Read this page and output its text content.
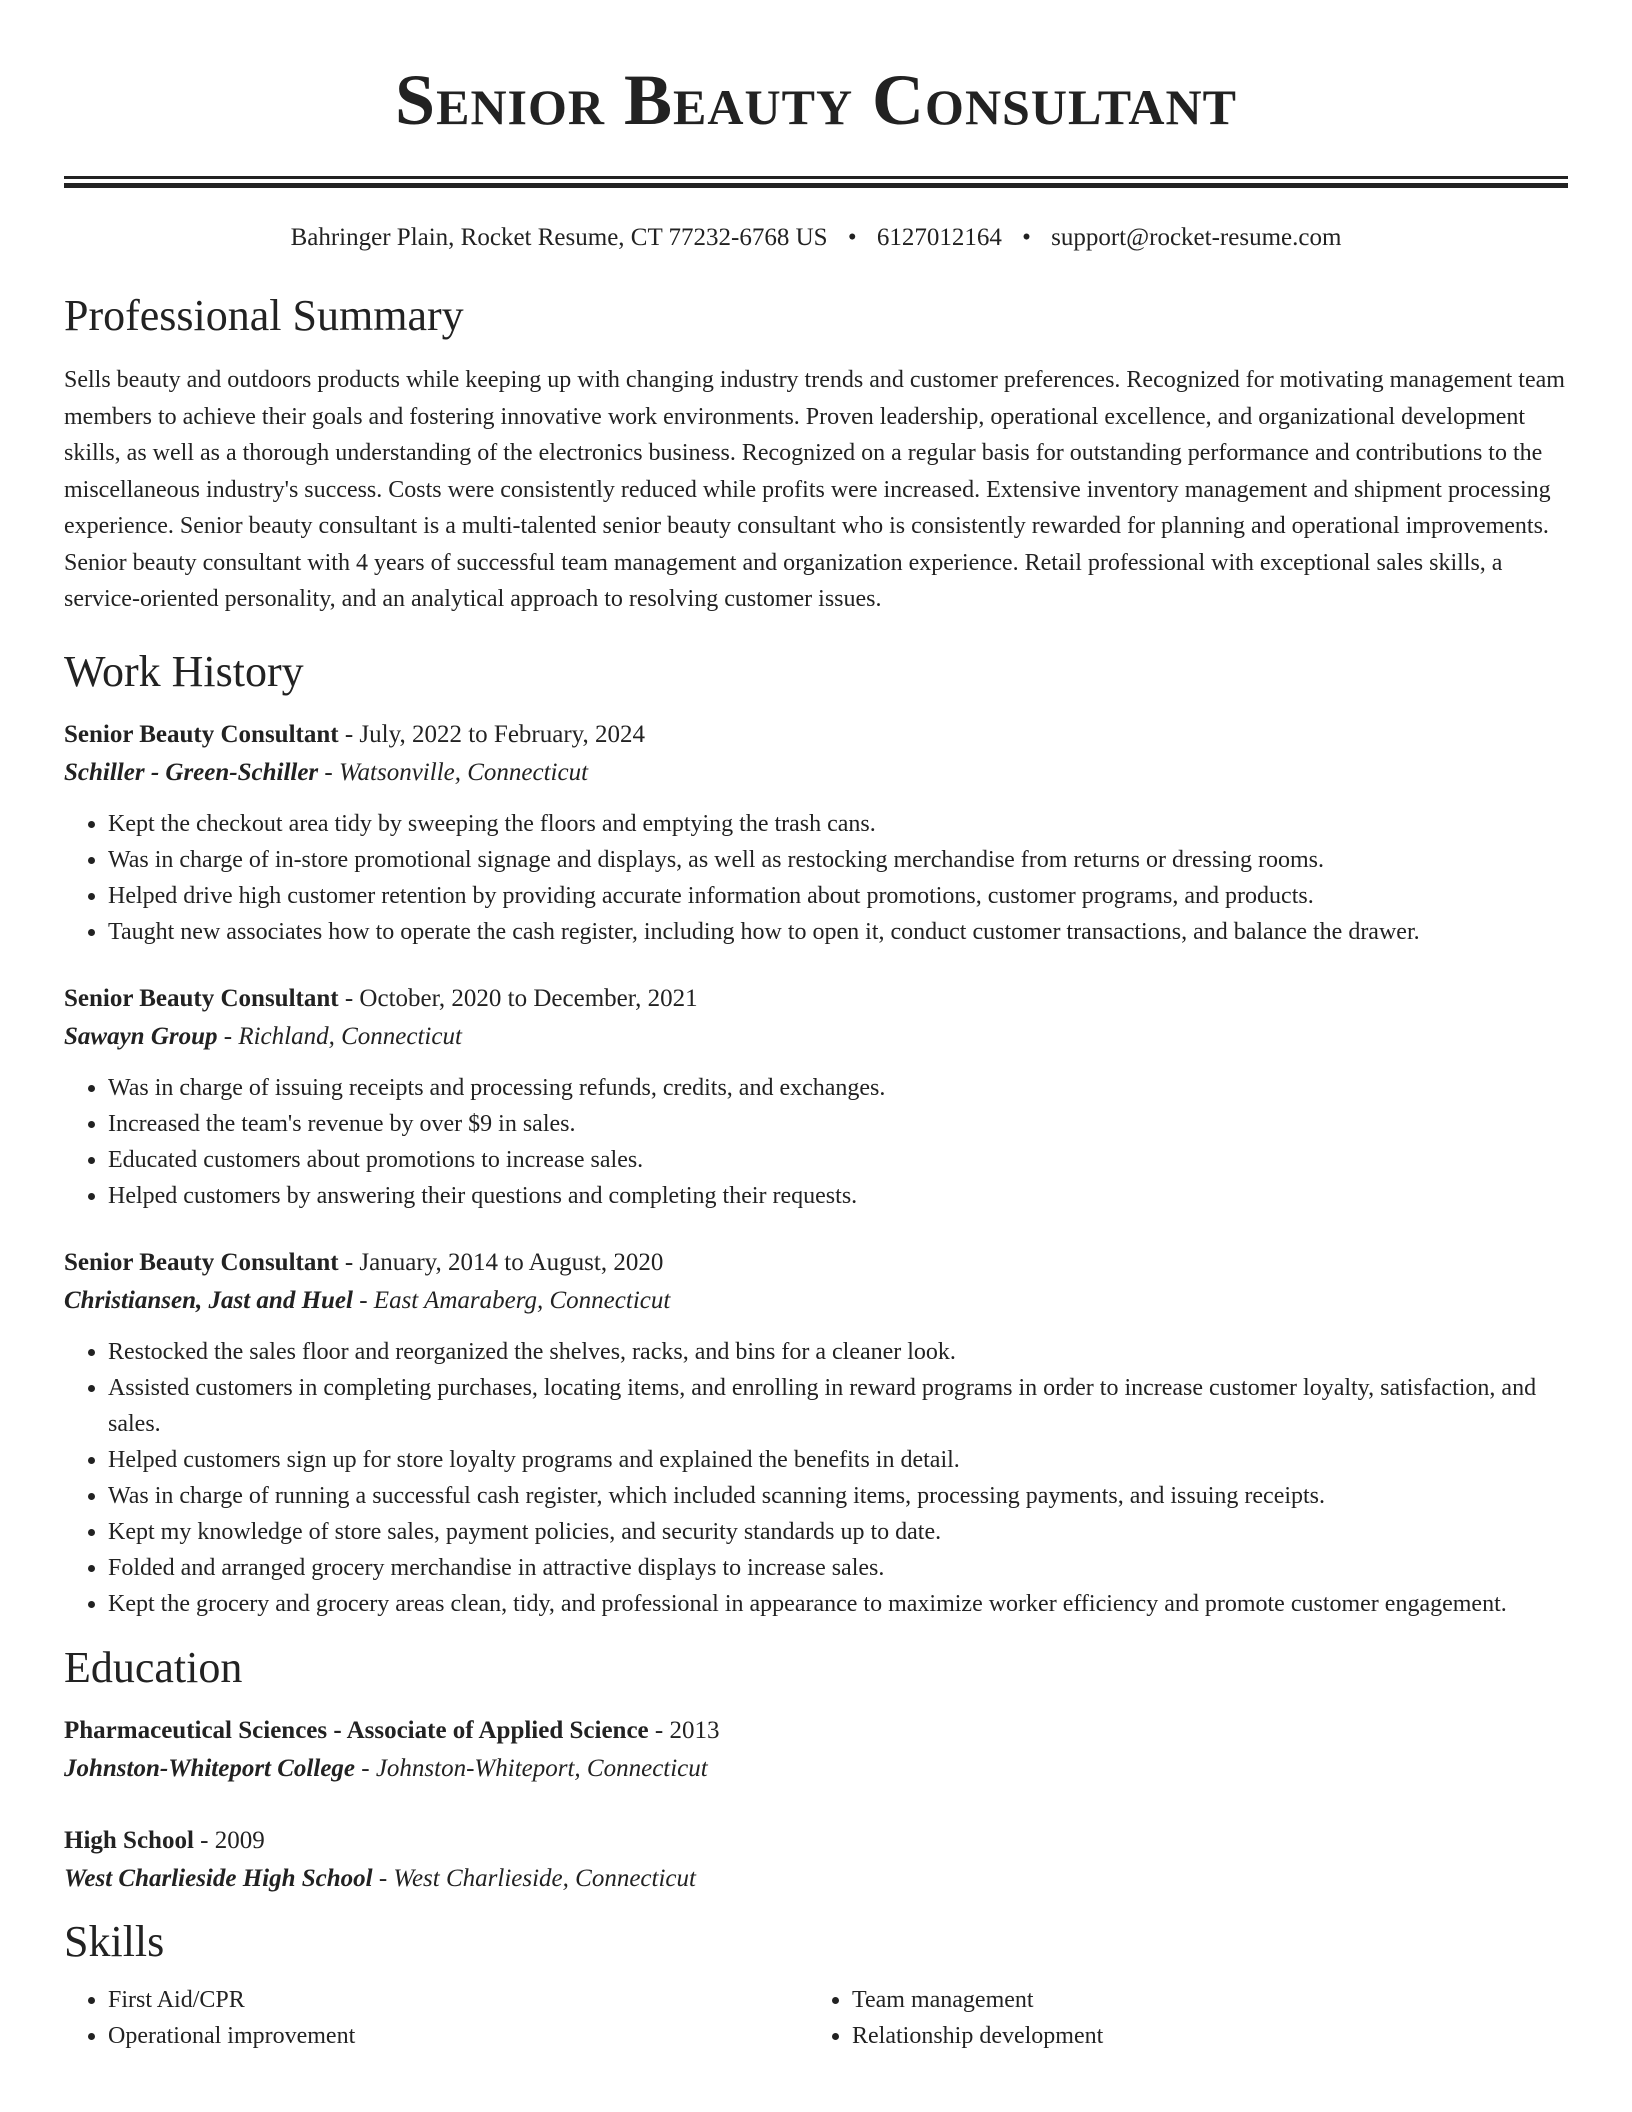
Senior Beauty Consultant
Bahringer Plain, Rocket Resume, CT 77232-6768 US • 6127012164 • support@rocket-resume.com
Professional Summary

Sells beauty and outdoors products while keeping up with changing industry trends and customer preferences. Recognized for motivating management team members to achieve their goals and fostering innovative work environments. Proven leadership, operational excellence, and organizational development skills, as well as a thorough understanding of the electronics business. Recognized on a regular basis for outstanding performance and contributions to the miscellaneous industry's success. Costs were consistently reduced while profits were increased. Extensive inventory management and shipment processing experience. Senior beauty consultant is a multi-talented senior beauty consultant who is consistently rewarded for planning and operational improvements. Senior beauty consultant with 4 years of successful team management and organization experience. Retail professional with exceptional sales skills, a service-oriented personality, and an analytical approach to resolving customer issues.

Work History
Senior Beauty Consultant - July, 2022 to February, 2024
Schiller - Green-Schiller - Watsonville, Connecticut
• Kept the checkout area tidy by sweeping the floors and emptying the trash cans.
• Was in charge of in-store promotional signage and displays, as well as restocking merchandise from returns or dressing rooms.
• Helped drive high customer retention by providing accurate information about promotions, customer programs, and products.
• Taught new associates how to operate the cash register, including how to open it, conduct customer transactions, and balance the drawer.
Senior Beauty Consultant - October, 2020 to December, 2021
Sawayn Group - Richland, Connecticut
• Was in charge of issuing receipts and processing refunds, credits, and exchanges.
• Increased the team's revenue by over $9 in sales.
• Educated customers about promotions to increase sales.
• Helped customers by answering their questions and completing their requests.
Senior Beauty Consultant - January, 2014 to August, 2020
Christiansen, Jast and Huel - East Amaraberg, Connecticut
• Restocked the sales floor and reorganized the shelves, racks, and bins for a cleaner look.
• Assisted customers in completing purchases, locating items, and enrolling in reward programs in order to increase customer loyalty, satisfaction, and sales.
• Helped customers sign up for store loyalty programs and explained the benefits in detail.
• Was in charge of running a successful cash register, which included scanning items, processing payments, and issuing receipts.
• Kept my knowledge of store sales, payment policies, and security standards up to date.
• Folded and arranged grocery merchandise in attractive displays to increase sales.
• Kept the grocery and grocery areas clean, tidy, and professional in appearance to maximize worker efficiency and promote customer engagement.
Education
Pharmaceutical Sciences - Associate of Applied Science - 2013
Johnston-Whiteport College - Johnston-Whiteport, Connecticut
High School - 2009
West Charlieside High School - West Charlieside, Connecticut
Skills
• First Aid/CPR
• Operational improvement
• Team management
• Relationship development
